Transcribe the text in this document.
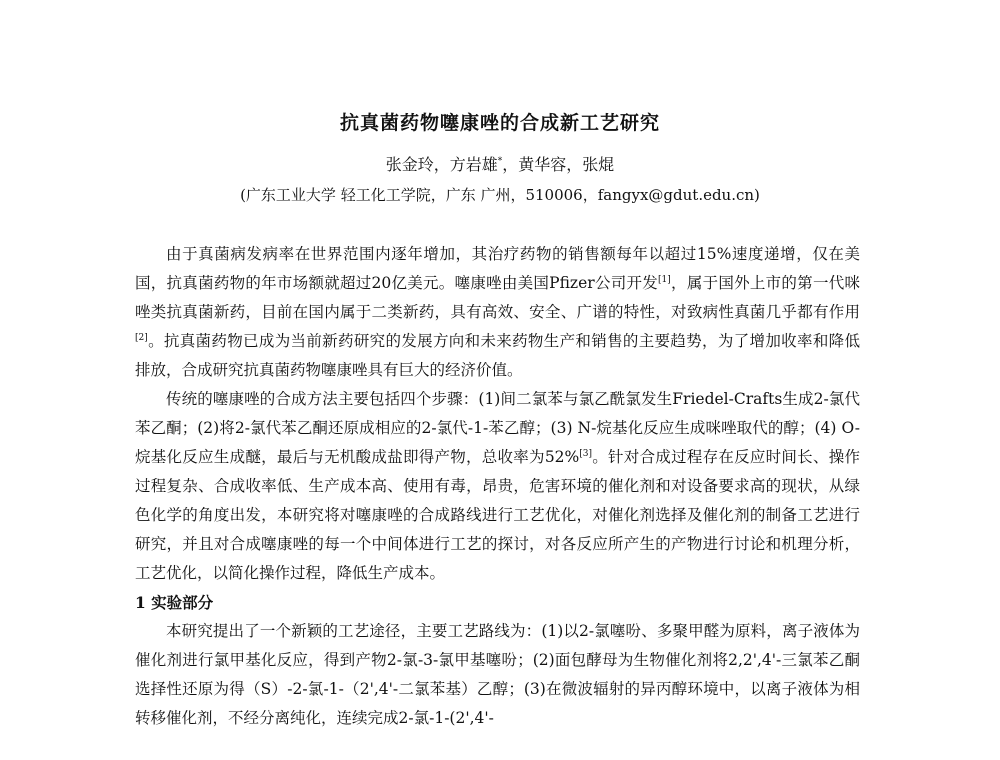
抗真菌药物噻康唑的合成新工艺研究
张金玲，方岩雄*，黄华容，张焜
(广东工业大学 轻工化工学院，广东 广州，510006，fangyx@gdut.edu.cn)

由于真菌病发病率在世界范围内逐年增加，其治疗药物的销售额每年以超过15%速度递增，仅在美国，抗真菌药物的年市场额就超过20亿美元。噻康唑由美国Pfizer公司开发[1]，属于国外上市的第一代咪唑类抗真菌新药，目前在国内属于二类新药，具有高效、安全、广谱的特性，对致病性真菌几乎都有作用[2]。抗真菌药物已成为当前新药研究的发展方向和未来药物生产和销售的主要趋势，为了增加收率和降低排放，合成研究抗真菌药物噻康唑具有巨大的经济价值。

传统的噻康唑的合成方法主要包括四个步骤：(1)间二氯苯与氯乙酰氯发生Friedel-Crafts生成2-氯代苯乙酮；(2)将2-氯代苯乙酮还原成相应的2-氯代-1-苯乙醇；(3) N-烷基化反应生成咪唑取代的醇；(4) O-烷基化反应生成醚，最后与无机酸成盐即得产物，总收率为52%[3]。针对合成过程存在反应时间长、操作过程复杂、合成收率低、生产成本高、使用有毒，昂贵，危害环境的催化剂和对设备要求高的现状，从绿色化学的角度出发，本研究将对噻康唑的合成路线进行工艺优化，对催化剂选择及催化剂的制备工艺进行研究，并且对合成噻康唑的每一个中间体进行工艺的探讨，对各反应所产生的产物进行讨论和机理分析，工艺优化，以简化操作过程，降低生产成本。

1 实验部分

本研究提出了一个新颖的工艺途径，主要工艺路线为：(1)以2-氯噻吩、多聚甲醛为原料，离子液体为催化剂进行氯甲基化反应，得到产物2-氯-3-氯甲基噻吩；(2)面包酵母为生物催化剂将2,2',4'-三氯苯乙酮选择性还原为得（S）-2-氯-1-（2',4'-二氯苯基）乙醇；(3)在微波辐射的异丙醇环境中，以离子液体为相转移催化剂，不经分离纯化，连续完成2-氯-1-(2',4'-
